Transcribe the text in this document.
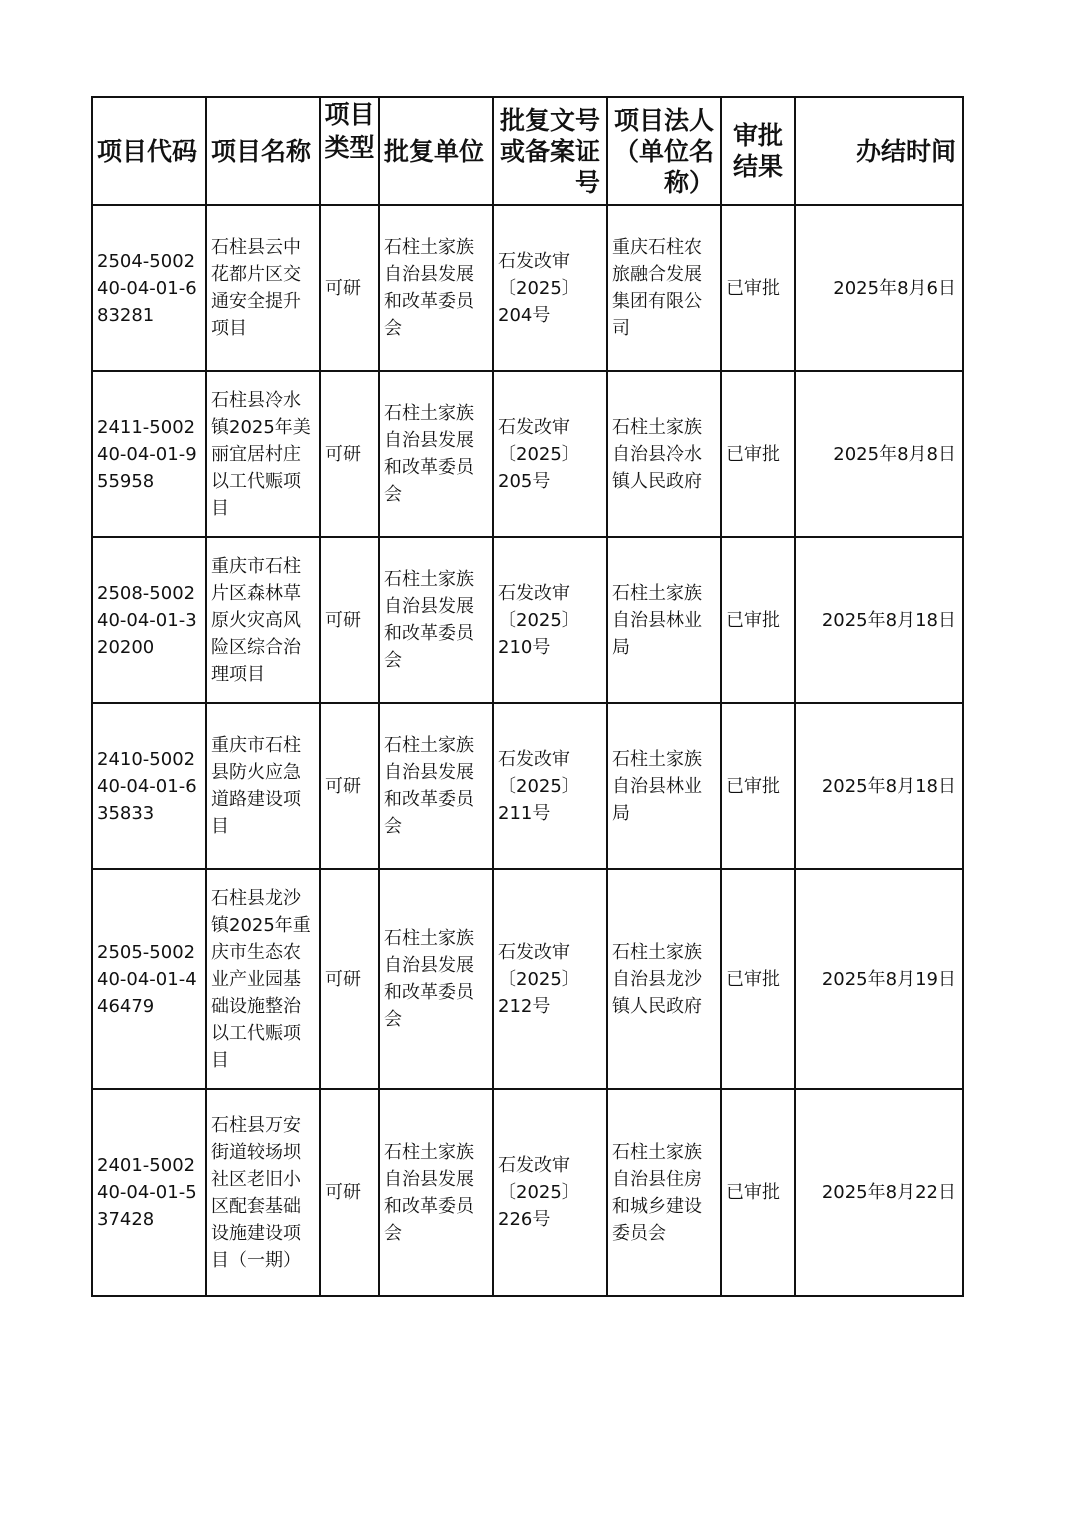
项目代码	项目名称	项目类型	批复单位	批复文号或备案证号	项目法人（单位名称）	审批结果	办结时间
2504-500240-04-01-683281	石柱县云中花都片区交通安全提升项目	可研	石柱土家族自治县发展和改革委员会	石发改审〔2025〕204号	重庆石柱农旅融合发展集团有限公司	已审批	2025年8月6日
2411-500240-04-01-955958	石柱县冷水镇2025年美丽宜居村庄以工代赈项目	可研	石柱土家族自治县发展和改革委员会	石发改审〔2025〕205号	石柱土家族自治县冷水镇人民政府	已审批	2025年8月8日
2508-500240-04-01-320200	重庆市石柱片区森林草原火灾高风险区综合治理项目	可研	石柱土家族自治县发展和改革委员会	石发改审〔2025〕210号	石柱土家族自治县林业局	已审批	2025年8月18日
2410-500240-04-01-635833	重庆市石柱县防火应急道路建设项目	可研	石柱土家族自治县发展和改革委员会	石发改审〔2025〕211号	石柱土家族自治县林业局	已审批	2025年8月18日
2505-500240-04-01-446479	石柱县龙沙镇2025年重庆市生态农业产业园基础设施整治以工代赈项目	可研	石柱土家族自治县发展和改革委员会	石发改审〔2025〕212号	石柱土家族自治县龙沙镇人民政府	已审批	2025年8月19日
2401-500240-04-01-537428	石柱县万安街道较场坝社区老旧小区配套基础设施建设项目（一期）	可研	石柱土家族自治县发展和改革委员会	石发改审〔2025〕226号	石柱土家族自治县住房和城乡建设委员会	已审批	2025年8月22日
